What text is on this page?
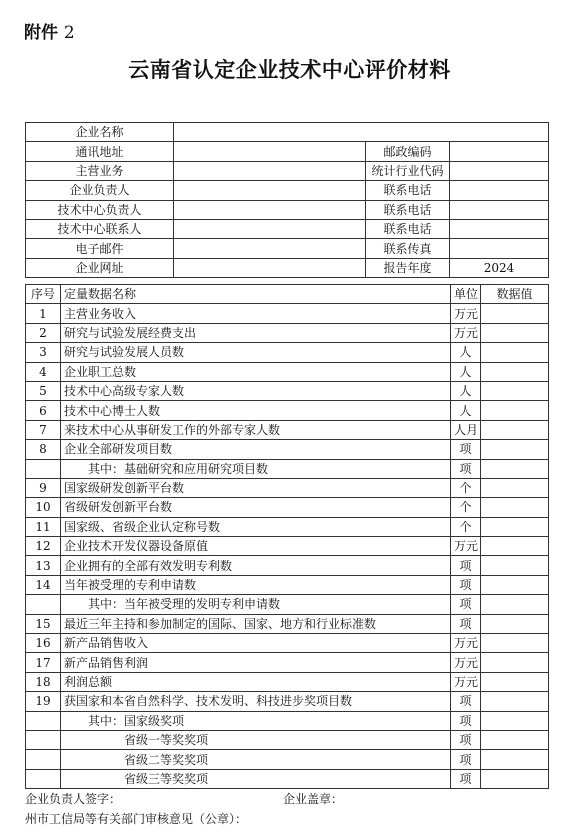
附件 2
云南省认定企业技术中心评价材料
企业名称			
通讯地址		邮政编码	
主营业务		统计行业代码	
企业负责人		联系电话	
技术中心负责人		联系电话	
技术中心联系人		联系电话	
电子邮件		联系传真	
企业网址		报告年度	2024
序号	定量数据名称	单位	数据值
1	主营业务收入	万元	
2	研究与试验发展经费支出	万元	
3	研究与试验发展人员数	人	
4	企业职工总数	人	
5	技术中心高级专家人数	人	
6	技术中心博士人数	人	
7	来技术中心从事研发工作的外部专家人数	人月	
8	企业全部研发项目数	项	
	其中：基础研究和应用研究项目数	项	
9	国家级研发创新平台数	个	
10	省级研发创新平台数	个	
11	国家级、省级企业认定称号数	个	
12	企业技术开发仪器设备原值	万元	
13	企业拥有的全部有效发明专利数	项	
14	当年被受理的专利申请数	项	
	其中：当年被受理的发明专利申请数	项	
15	最近三年主持和参加制定的国际、国家、地方和行业标准数	项	
16	新产品销售收入	万元	
17	新产品销售利润	万元	
18	利润总额	万元	
19	获国家和本省自然科学、技术发明、科技进步奖项目数	项	
	其中：国家级奖项	项	
	省级一等奖奖项	项	
	省级二等奖奖项	项	
	省级三等奖奖项	项	
企业负责人签字：	企业盖章：
州市工信局等有关部门审核意见（公章）：
